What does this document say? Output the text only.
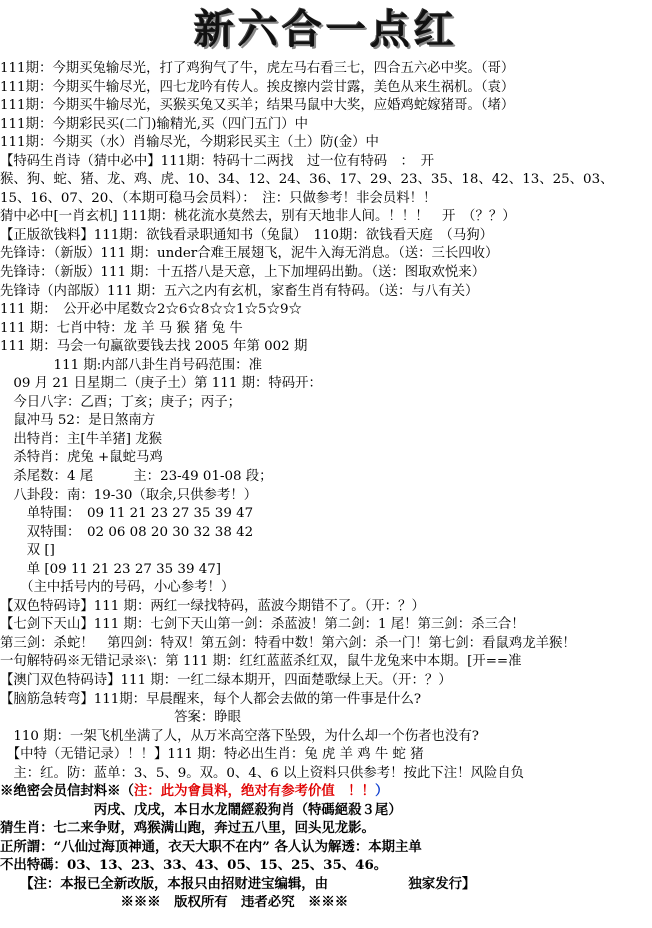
新六合一点红
111期：今期买兔输尽光，打了鸡狗气了牛，虎左马右看三七，四合五六必中奖。（哥）
111期：今期买牛输尽光，四七龙吟有传人。挨皮擦内尝甘露，美色从来生祸机。（袁）
111期：今期买牛输尽光，买猴买兔又买羊；结果马鼠中大奖，应婚鸡蛇嫁猪哥。（堵）
111期：今期彩民买(二门)输精光,买（四门五门）中
111期：今期买（水）肖输尽光，今期彩民买主（土）防(金）中
【特码生肖诗（猜中必中】111期：特码十二两找　过一位有特码　：　开
猴、狗、蛇、猪、龙、鸡、虎、10、34、12、24、36、17、29、23、35、18、42、13、25、03、
15、16、07、20、（本期可稳马会员料）：　注：只做参考！非会员料！！
猜中必中[一肖玄机] 111期：桃花流水莫然去，别有天地非人间。！！！　开　（？？）
【正版欲钱料】111期：欲钱看录职通知书（兔鼠）　110期：欲钱看天庭　（马狗）
先锋诗：（新版）111 期：under合难王展翅飞，泥牛入海无消息。（送：三长四收）
先锋诗：（新版）111 期：十五搭八是天意，上下加埋码出勤。（送：图取欢悦来）
先锋诗（内部版）111 期：五六之内有玄机，家畜生肖有特码。（送：与八有关）
111 期：　公开必中尾数☆2☆6☆8☆☆1☆5☆9☆
111 期：七肖中特：龙 羊 马 猴 猪 兔 牛
111 期：马会一句赢欲要钱去找 2005 年第 002 期
　　　　111 期:内部八卦生肖号码范围：准
　09 月 21 日星期二（庚子土）第 111 期：特码开：
　今日八字：乙酉；丁亥；庚子；丙子；
　鼠冲马 52：是日煞南方
　出特肖：主[牛羊猪] 龙猴
　杀特肖：虎兔 +鼠蛇马鸡
　杀尾数：4 尾　　　主：23-49 01-08 段；
　八卦段：南：19-30（取余,只供参考！）
　　单特围：　09 11 21 23 27 35 39 47
　　双特围：　02 06 08 20 30 32 38 42
　　双 []
　　单 [09 11 21 23 27 35 39 47]
　　（主中括号内的号码，小心参考！）
【双色特码诗】111 期：两红一绿找特码，蓝波今期错不了。（开：？）
【七剑下天山】111 期：七剑下天山第一剑：杀蓝波！第二剑：1 尾！第三剑：杀三合！
第三剑：杀蛇！　第四剑：特双！第五剑：特看中数！第六剑：杀一门！第七剑：看鼠鸡龙羊猴！
一句解特码※无错记录※\：第 111 期：红红蓝蓝杀红双，鼠牛龙兔来中本期。[开==准
【澳门双色特码诗】111 期：一红二绿本期开，四面楚歌绿上天。（开：？）
【脑筋急转弯】111期：早晨醒来，每个人都会去做的第一件事是什么?
　　　　　　　　　　　　　答案：睁眼
　110 期：一架飞机坐满了人，从万米高空落下坠毁，为什么却一个伤者也没有?
　【中特（无错记录）！！】111 期：特必出生肖：兔 虎 羊 鸡 牛 蛇 猪
　主：红。防：蓝单：3、5、9。双。0、4、6 以上资料只供参考！按此下注！风险自负
※绝密会员信封料※（注：此为會員料，绝对有参考价值　！！）
　　　　　　　丙戌、戊戌，本日水龙鬧經殺狗肖（特碼絕殺３尾）
猜生肖：七二来争财，鸡猴满山跑，奔过五八里，回头见龙影。
正所謂：“八仙过海顶神通，衣天大职不在内” 各人认为解透：本期主单
不出特碼：03、13、23、33、43、05、15、25、35、46。
　　【注：本报已全新改版，本报只由招财进宝编辑，由　　　　　　独家发行】
　　　　　　　　　※※※　版权所有　违者必究　※※※
